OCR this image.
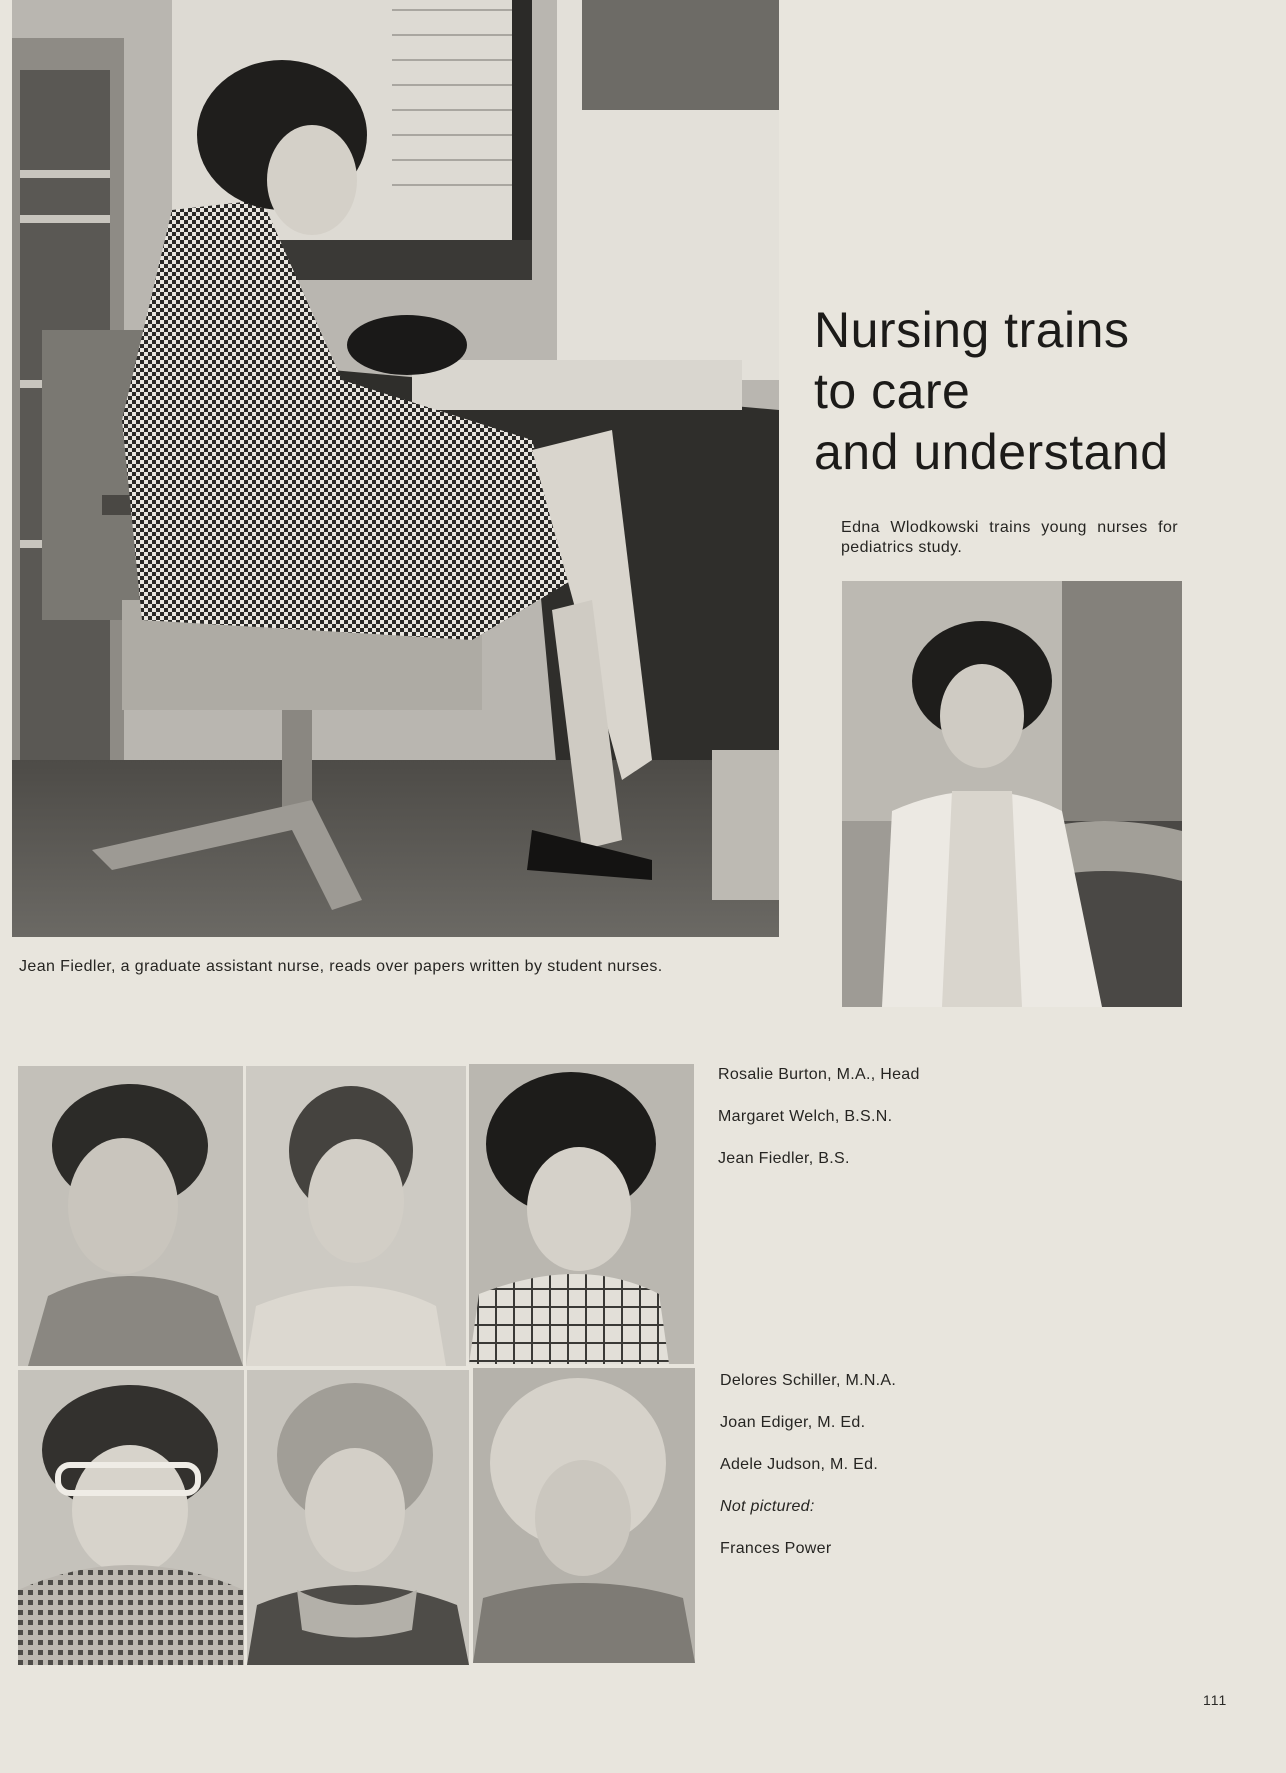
Nursing trains
to care
and understand

Edna Wlodkowski trains young nurses for pediatrics study.

Jean Fiedler, a graduate assistant nurse, reads over papers written by student nurses.

Rosalie Burton, M.A., Head
Margaret Welch, B.S.N.
Jean Fiedler, B.S.
Delores Schiller, M.N.A.
Joan Ediger, M. Ed.
Adele Judson, M. Ed.
Not pictured:
Frances Power
111
